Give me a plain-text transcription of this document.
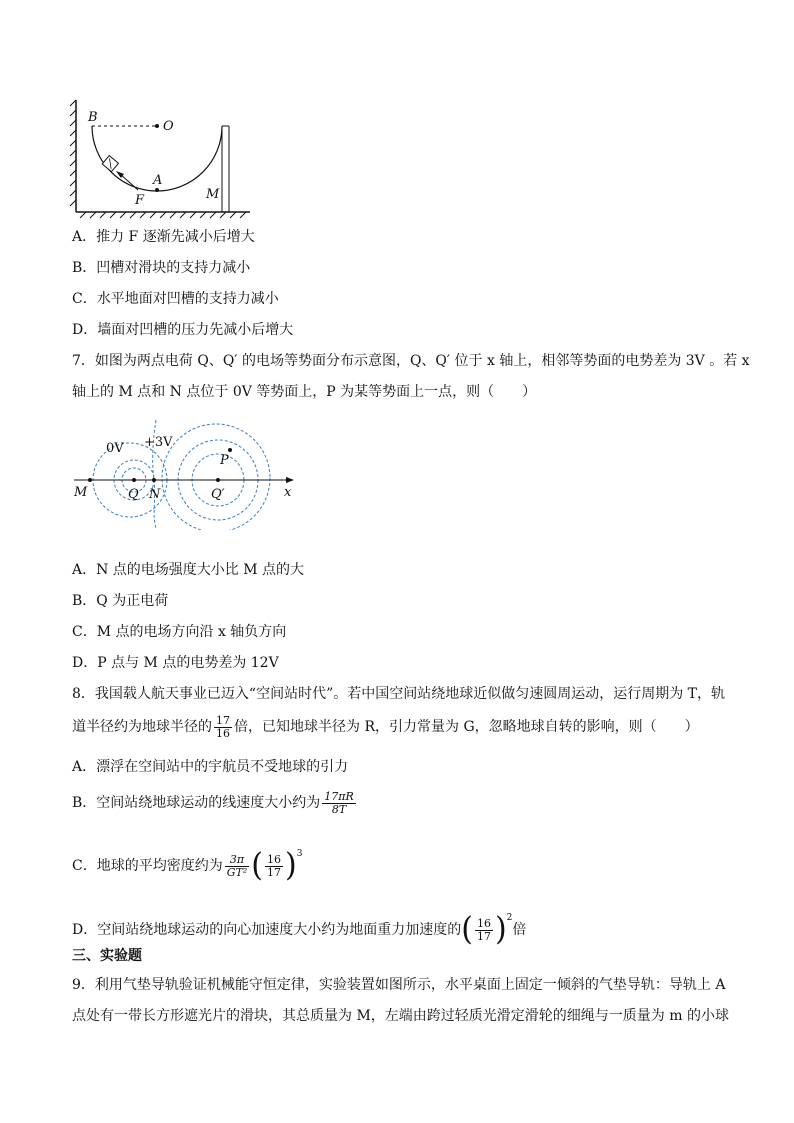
B
O
A
F	M
A．推力 F 逐渐先减小后增大
B．凹槽对滑块的支持力减小
C．水平地面对凹槽的支持力减小
D．墙面对凹槽的压力先减小后增大
7．如图为两点电荷 Q、Q′ 的电场等势面分布示意图，Q、Q′ 位于 x 轴上，相邻等势面的电势差为 3V 。若 x
轴上的 M 点和 N 点位于 0V 等势面上，P 为某等势面上一点，则（　　）
0V +3V
P
M	Q N	Q′	x
A．N 点的电场强度大小比 M 点的大
B．Q 为正电荷
C．M 点的电场方向沿 x 轴负方向
D．P 点与 M 点的电势差为 12V
8．我国载人航天事业已迈入“空间站时代”。若中国空间站绕地球近似做匀速圆周运动，运行周期为 T，轨
道半径约为地球半径的 $\frac{17}{16}$ 倍，已知地球半径为 R，引力常量为 G，忽略地球自转的影响，则（　　）
A．漂浮在空间站中的宇航员不受地球的引力
B．空间站绕地球运动的线速度大小约为 $\frac{17\pi R}{8T}$
C．地球的平均密度约为 $\frac{3\pi}{\text{GT²}}$ ( $\frac{16}{17} )^3$
D．空间站绕地球运动的向心加速度大小约为地面重力加速度的( $\frac{16}{17} )^2$倍
三、实验题
9．利用气垫导轨验证机械能守恒定律，实验装置如图所示，水平桌面上固定一倾斜的气垫导轨：导轨上 A
点处有一带长方形遮光片的滑块，其总质量为 M，左端由跨过轻质光滑定滑轮的细绳与一质量为 m 的小球
